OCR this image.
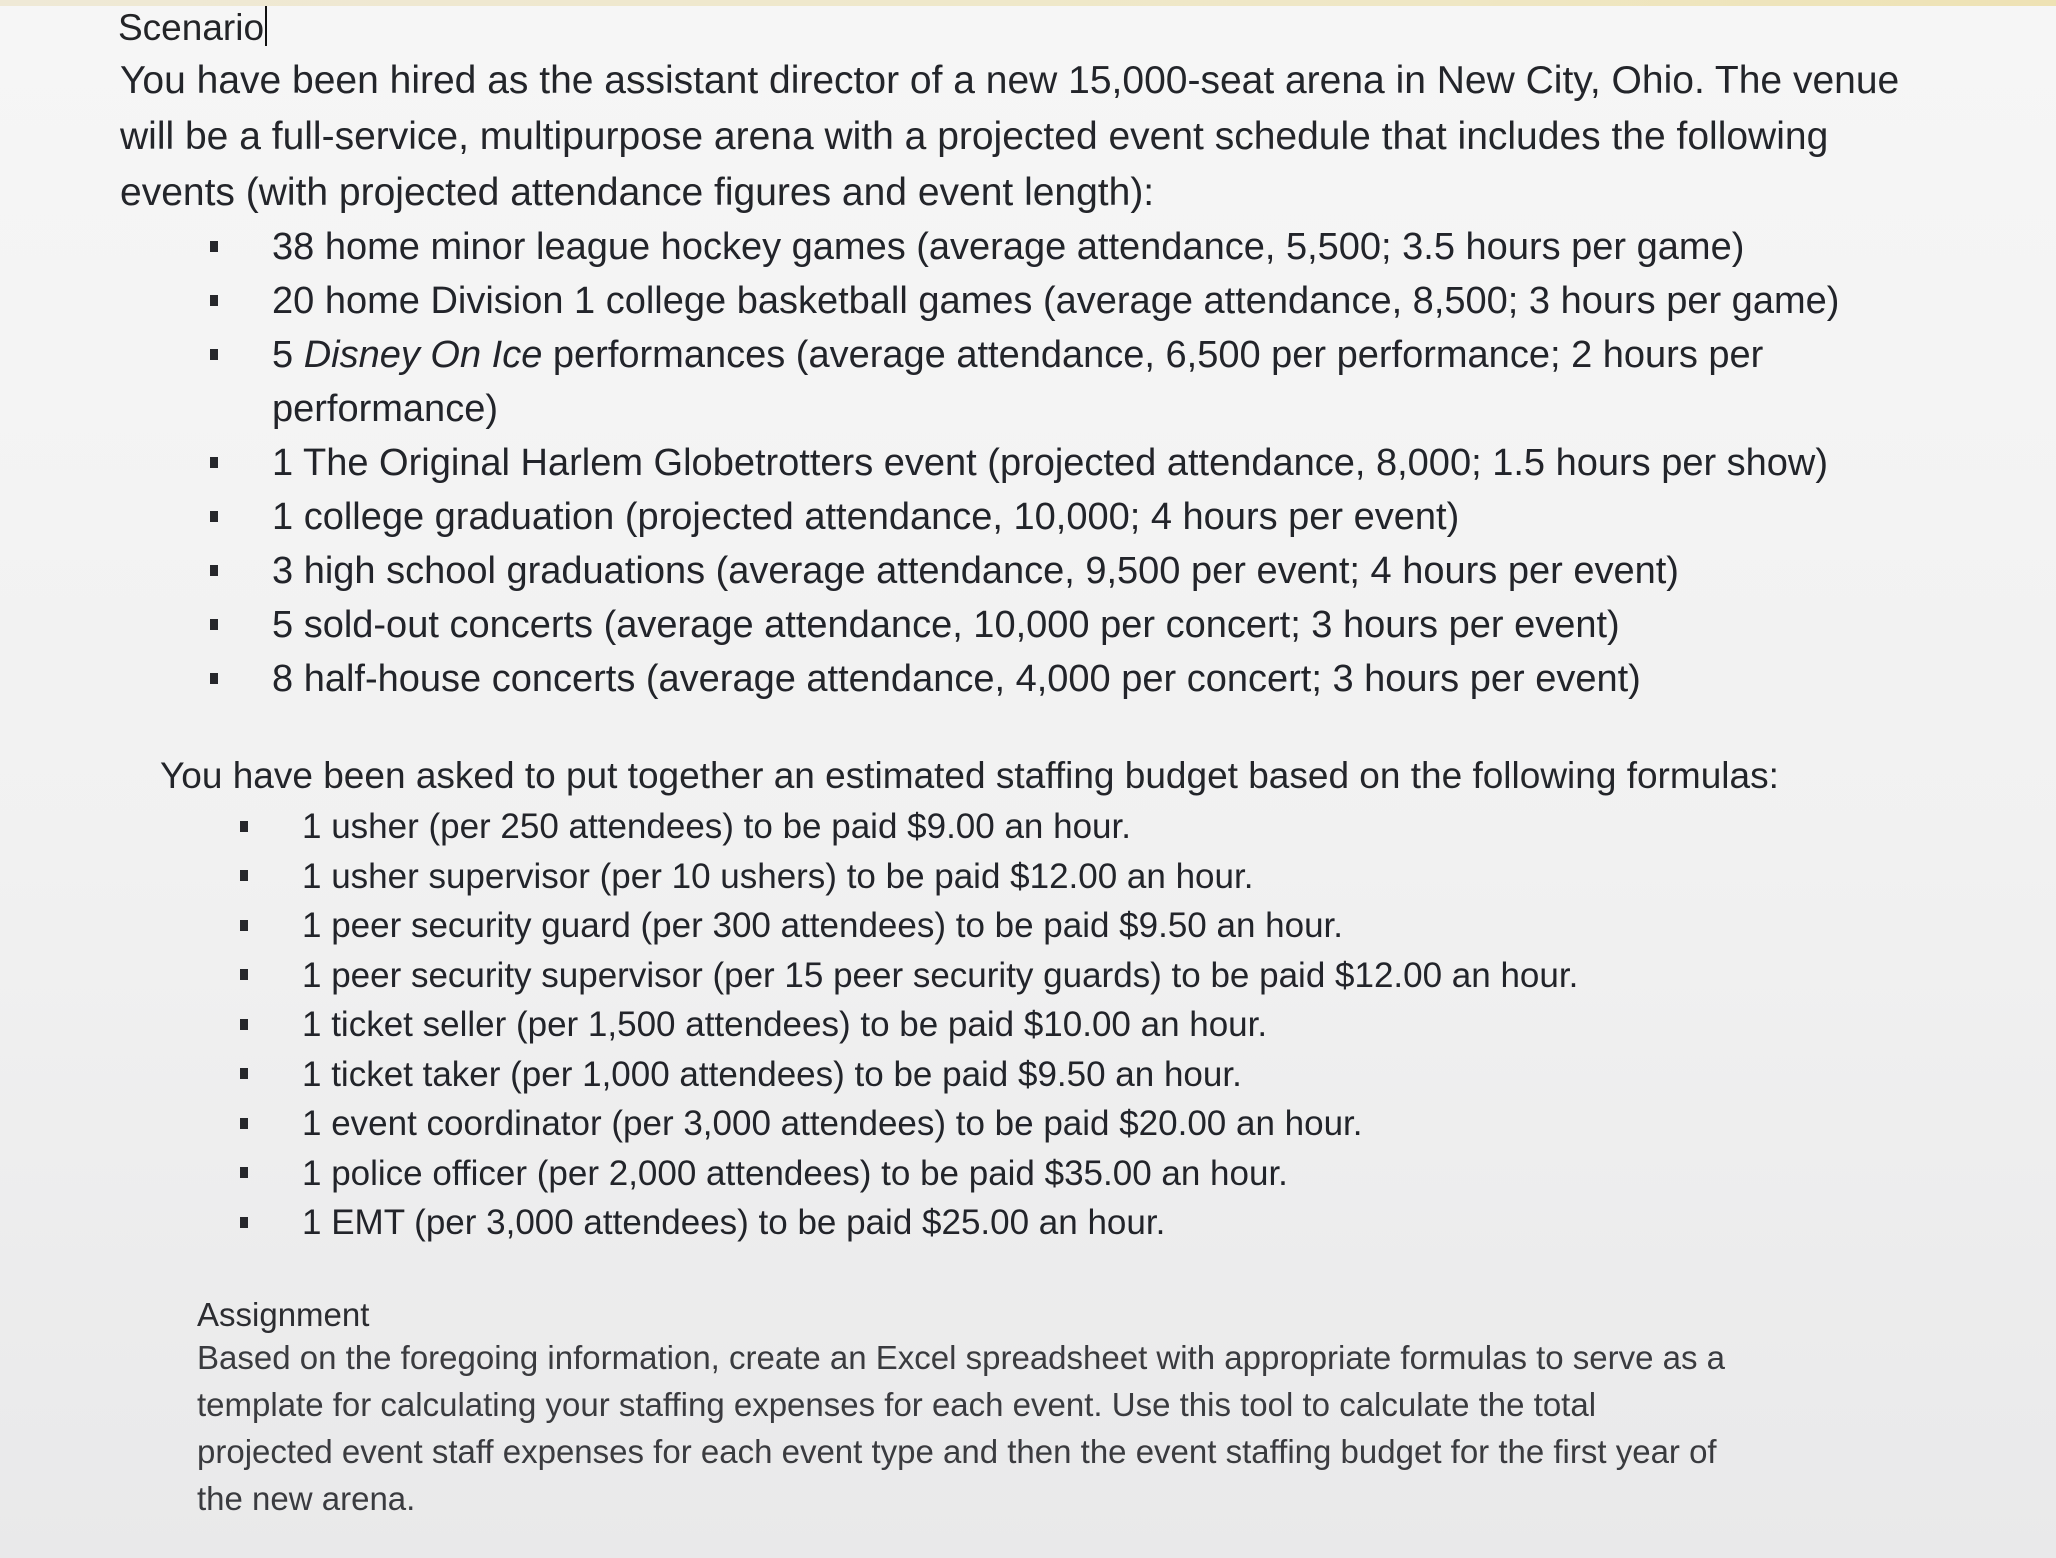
Scenario
You have been hired as the assistant director of a new 15,000-seat arena in New City, Ohio. The venue
will be a full-service, multipurpose arena with a projected event schedule that includes the following
events (with projected attendance figures and event length):
38 home minor league hockey games (average attendance, 5,500; 3.5 hours per game)
20 home Division 1 college basketball games (average attendance, 8,500; 3 hours per game)
5 Disney On Ice performances (average attendance, 6,500 per performance; 2 hours per
performance)
1 The Original Harlem Globetrotters event (projected attendance, 8,000; 1.5 hours per show)
1 college graduation (projected attendance, 10,000; 4 hours per event)
3 high school graduations (average attendance, 9,500 per event; 4 hours per event)
5 sold-out concerts (average attendance, 10,000 per concert; 3 hours per event)
8 half-house concerts (average attendance, 4,000 per concert; 3 hours per event)
You have been asked to put together an estimated staffing budget based on the following formulas:
1 usher (per 250 attendees) to be paid $9.00 an hour.
1 usher supervisor (per 10 ushers) to be paid $12.00 an hour.
1 peer security guard (per 300 attendees) to be paid $9.50 an hour.
1 peer security supervisor (per 15 peer security guards) to be paid $12.00 an hour.
1 ticket seller (per 1,500 attendees) to be paid $10.00 an hour.
1 ticket taker (per 1,000 attendees) to be paid $9.50 an hour.
1 event coordinator (per 3,000 attendees) to be paid $20.00 an hour.
1 police officer (per 2,000 attendees) to be paid $35.00 an hour.
1 EMT (per 3,000 attendees) to be paid $25.00 an hour.
Assignment
Based on the foregoing information, create an Excel spreadsheet with appropriate formulas to serve as a
template for calculating your staffing expenses for each event. Use this tool to calculate the total
projected event staff expenses for each event type and then the event staffing budget for the first year of
the new arena.
